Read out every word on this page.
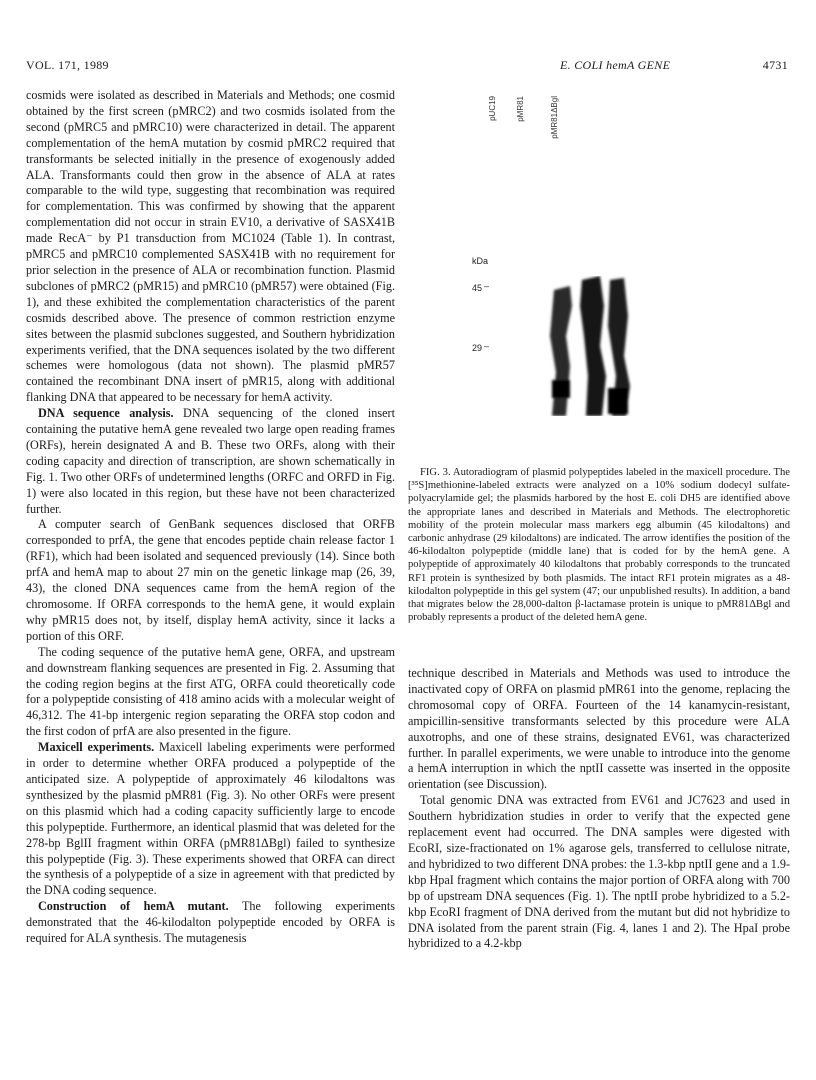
VOL. 171, 1989	E. COLI hemA GENE	4731

cosmids were isolated as described in Materials and Methods; one cosmid obtained by the first screen (pMRC2) and two cosmids isolated from the second (pMRC5 and pMRC10) were characterized in detail. The apparent complementation of the hemA mutation by cosmid pMRC2 required that transformants be selected initially in the presence of exogenously added ALA. Transformants could then grow in the absence of ALA at rates comparable to the wild type, suggesting that recombination was required for complementation. This was confirmed by showing that the apparent complementation did not occur in strain EV10, a derivative of SASX41B made RecA⁻ by P1 transduction from MC1024 (Table 1). In contrast, pMRC5 and pMRC10 complemented SASX41B with no requirement for prior selection in the presence of ALA or recombination function. Plasmid subclones of pMRC2 (pMR15) and pMRC10 (pMR57) were obtained (Fig. 1), and these exhibited the complementation characteristics of the parent cosmids described above. The presence of common restriction enzyme sites between the plasmid subclones suggested, and Southern hybridization experiments verified, that the DNA sequences isolated by the two different schemes were homologous (data not shown). The plasmid pMR57 contained the recombinant DNA insert of pMR15, along with additional flanking DNA that appeared to be necessary for hemA activity.

DNA sequence analysis. DNA sequencing of the cloned insert containing the putative hemA gene revealed two large open reading frames (ORFs), herein designated A and B. These two ORFs, along with their coding capacity and direction of transcription, are shown schematically in Fig. 1. Two other ORFs of undetermined lengths (ORFC and ORFD in Fig. 1) were also located in this region, but these have not been characterized further.

A computer search of GenBank sequences disclosed that ORFB corresponded to prfA, the gene that encodes peptide chain release factor 1 (RF1), which had been isolated and sequenced previously (14). Since both prfA and hemA map to about 27 min on the genetic linkage map (26, 39, 43), the cloned DNA sequences came from the hemA region of the chromosome. If ORFA corresponds to the hemA gene, it would explain why pMR15 does not, by itself, display hemA activity, since it lacks a portion of this ORF.

The coding sequence of the putative hemA gene, ORFA, and upstream and downstream flanking sequences are presented in Fig. 2. Assuming that the coding region begins at the first ATG, ORFA could theoretically code for a polypeptide consisting of 418 amino acids with a molecular weight of 46,312. The 41-bp intergenic region separating the ORFA stop codon and the first codon of prfA are also presented in the figure.

Maxicell experiments. Maxicell labeling experiments were performed in order to determine whether ORFA produced a polypeptide of the anticipated size. A polypeptide of approximately 46 kilodaltons was synthesized by the plasmid pMR81 (Fig. 3). No other ORFs were present on this plasmid which had a coding capacity sufficiently large to encode this polypeptide. Furthermore, an identical plasmid that was deleted for the 278-bp BglII fragment within ORFA (pMR81ΔBgl) failed to synthesize this polypeptide (Fig. 3). These experiments showed that ORFA can direct the synthesis of a polypeptide of a size in agreement with that predicted by the DNA coding sequence.

Construction of hemA mutant. The following experiments demonstrated that the 46-kilodalton polypeptide encoded by ORFA is required for ALA synthesis. The mutagenesis

pUC19 pMR81	pMR81ΔBgl
kDa
45
29
–
–

FIG. 3. Autoradiogram of plasmid polypeptides labeled in the maxicell procedure. The [³⁵S]methionine-labeled extracts were analyzed on a 10% sodium dodecyl sulfate-polyacrylamide gel; the plasmids harbored by the host E. coli DH5 are identified above the appropriate lanes and described in Materials and Methods. The electrophoretic mobility of the protein molecular mass markers egg albumin (45 kilodaltons) and carbonic anhydrase (29 kilodaltons) are indicated. The arrow identifies the position of the 46-kilodalton polypeptide (middle lane) that is coded for by the hemA gene. A polypeptide of approximately 40 kilodaltons that probably corresponds to the truncated RF1 protein is synthesized by both plasmids. The intact RF1 protein migrates as a 48-kilodalton polypeptide in this gel system (47; our unpublished results). In addition, a band that migrates below the 28,000-dalton β-lactamase protein is unique to pMR81ΔBgl and probably represents a product of the deleted hemA gene.

technique described in Materials and Methods was used to introduce the inactivated copy of ORFA on plasmid pMR61 into the genome, replacing the chromosomal copy of ORFA. Fourteen of the 14 kanamycin-resistant, ampicillin-sensitive transformants selected by this procedure were ALA auxotrophs, and one of these strains, designated EV61, was characterized further. In parallel experiments, we were unable to introduce into the genome a hemA interruption in which the nptII cassette was inserted in the opposite orientation (see Discussion).

Total genomic DNA was extracted from EV61 and JC7623 and used in Southern hybridization studies in order to verify that the expected gene replacement event had occurred. The DNA samples were digested with EcoRI, size-fractionated on 1% agarose gels, transferred to cellulose nitrate, and hybridized to two different DNA probes: the 1.3-kbp nptII gene and a 1.9-kbp HpaI fragment which contains the major portion of ORFA along with 700 bp of upstream DNA sequences (Fig. 1). The nptII probe hybridized to a 5.2-kbp EcoRI fragment of DNA derived from the mutant but did not hybridize to DNA isolated from the parent strain (Fig. 4, lanes 1 and 2). The HpaI probe hybridized to a 4.2-kbp
